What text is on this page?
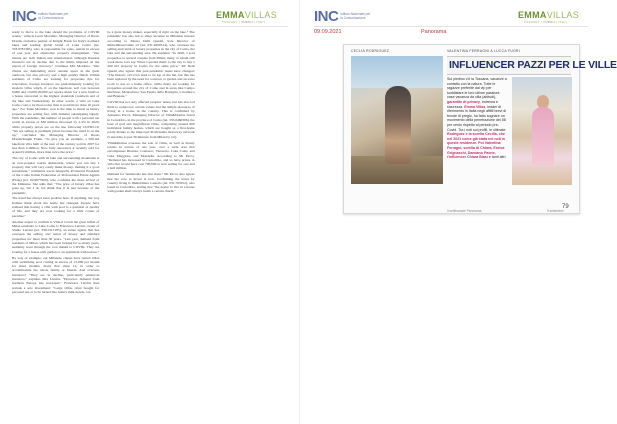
INC Istituto Nazionale per la Comunicazione	EMMAVILLAS
TUSCANY | UMBRIA | ITALY

ready to move to the lake should the problems of COVID return," reflects Lucia Morabito, Managing Director of Realo Dream, exclusive partner of Knight Frank for Italy's northern lakes and leading global brand of Lake Como (tel. 333.9781395), who is responsible for sales, rentals in excess of one year and alternative property management. "Our clients are both Italian and international, although Russian investors are in decline due to the limits imposed on the export of foreign currency," continues Mrs Morabito. "Our clients are demanding more outside space in the great outdoors, but also privacy and a high quality finish. Within residents of Como are looking for properties ripe for renovation, foreign investors are predominantly looking for modern villas which, if on the lakefront, sell cost between 8,000 and 15,000-20,000 per square meter for a new build or a house renovated to the highest standards (southern end of the lake and Tremezzina). In other words, a villa on Lake Como costs a lot more today than it would have done 10 years ago." For Tania Morabito, now is the time to invest as luxury properties are selling fast, with demand outstripping supply. With the pandemic, the number of people with a personal net worth in excess of $30 million increased by 2.4% in 2020, while property prices are on the rise following COVID-19. "We are selling at premium prices because the trend is on the up," concludes the Managing Director of Realo Dream/Knight Frank. "To give you an example, a 500-m2 lakefront villa built at the turn of the century sold in 2007 for less than 4 million. Now fully renovated, it recently sold for around 9 million, more than twice the price."

The city of Como with its lake and surrounding mountains is an ever-popular tourist destination, where you can buy a property that will very easily make money, making it a good investment," comments Lucia Aleppelli, Provincial President of the Como Italian Federation of Professional Estate Agents (Fiaip) (tel. 02.9677900), who confirms the mass arrival of the Milanese. She adds that: "The price of luxury villas has gone up, but I do not think that it is just because of the pandemic.

The trend has always been positive here. If anything, the way Italians think about the home has changed. People have realised that having a villa with pool is a question of quality of life, and they are now looking for a little corner of paradise."

Another expert to confirm is Villa-il Condi the great influx of Milan residents to Lake Como is Francesca Lievini, owner of Studio Lievini (tel. 339.2315185), an estate agents that has overseen the selling and rental of luxury and standard properties for more than 30 years. "Last year, demand from residents of Milan, which has been lacking for so many years, suddenly went through the roof thanks to COVID. They are looking for a house with garden or an apartment with terrace."

By way of example, our Milanese clients have rented villas with swimming pool costing in excess of 15,000 per month for three months, many that sleep 12, in order to accommodate the whole family or friends. And overseas investors? "They are in decline, particularly American investors," explains Mrs Lievini. "However, demand from northern Europe has increased." Francesca Lievini then reveals a sole investment: "Large villas, often bought for personal use or to be turned into luxury mini-hotels, can

be a great money maker, especially if right on the lake." The pandemic has also led to sharp increase in Milanese interest according to Mauro Delli Quadri, Sole Director of Immobiliareconme srl (tel. 031.2600314), who oversees the selling and rental of luxury properties in the city of Como, the lake and the surrounding area. He explains: "In 2020, I sold properties to several couples from Milan; many of whom still work there, let's say. When I quoted them: to the city to buy a 200 m2 property in Como for the same price." Mr Delli Quadri also agrees that post-pandemic tastes have changed: "The historic old town used to be top of the list, but this has been replaced by the need for a terrace or garden and an extra room to use as a home office, while many are looking for properties around the city of Como and in areas like Campo Intelvese, Montorfano, San Fermo della Battaglia, Cavallasca and Brunate."

COVID has not only affected peoples' tastes, but has also led them to rediscover certain values and the simple pleasures of living in a house in the country. This is confirmed by Antonino Pacca, Managing Director of Villa&Domus based in Cernobbio, in the province of Como (tel. 335.6460306), the land of golf and magnificent villas, comprising around 600 individual family homes, which are bought as a first-home partly thanks to the improved Proficientia motorway network (Cernobbio is just 30 minutes from Milan by car).

Villa&Domus oversees the sale of villas, as well as luxury rentals in excess of one year, over a wide area that encompasses Brianza, Comasco, Varesotto, Lake Como and Lake Maggiore, and Mondella. According to Mr Pacca, "Demand has increased in Cernobbio, and so have prices. A villa that would have cost 700,000 is now selling for one and a half million.

Demand for farmsteads has also risen." Mr Pacca also agrees that the vote to invest is now. Confirming the trend for country living is Immobiliare Castello (tel. 031.783252), also based in Cernobbio, stating that "the desire to live in a house with garden shall always retain a certain charm."

INC Istituto Nazionale per la Comunicazione	EMMAVILLAS
TUSCANY | UMBRIA | ITALY
09.09.2021	Panorama
CECLIA RODRIGUEZ	VALENTINA FERRAGNI A LUCCA FUORI
INFLUENCER PAZZI PER LE VILLE
Sul piedino c'è la Toscana, vacanze a contatto con la natura. Tutte le ragazze preferite dai vip per soddisfare le loro ultime passioni: case vacanza da villa (abitudi), garantite di privacy, estrema e sicurezza. Emma Villas, leader di riferimento in Italia negli affitti brevi di tenute di pregio, ha fatto sognare un movimento della penetrazione dei 58 per cento rispetto al periodo pre-Covid. Tra i noti sui profili, le ultimate Rodriguez e la sorella Cecilia, che nel 2021 come già stata nei noti in queste residenze. Poi Valentina Ferragni, sorella di Chiara, Enrica Grignaschi, Damiano Paone, l'influencer Chiara Biasi e tanti altri.
Il settimanale Panorama	9 settembre
79
